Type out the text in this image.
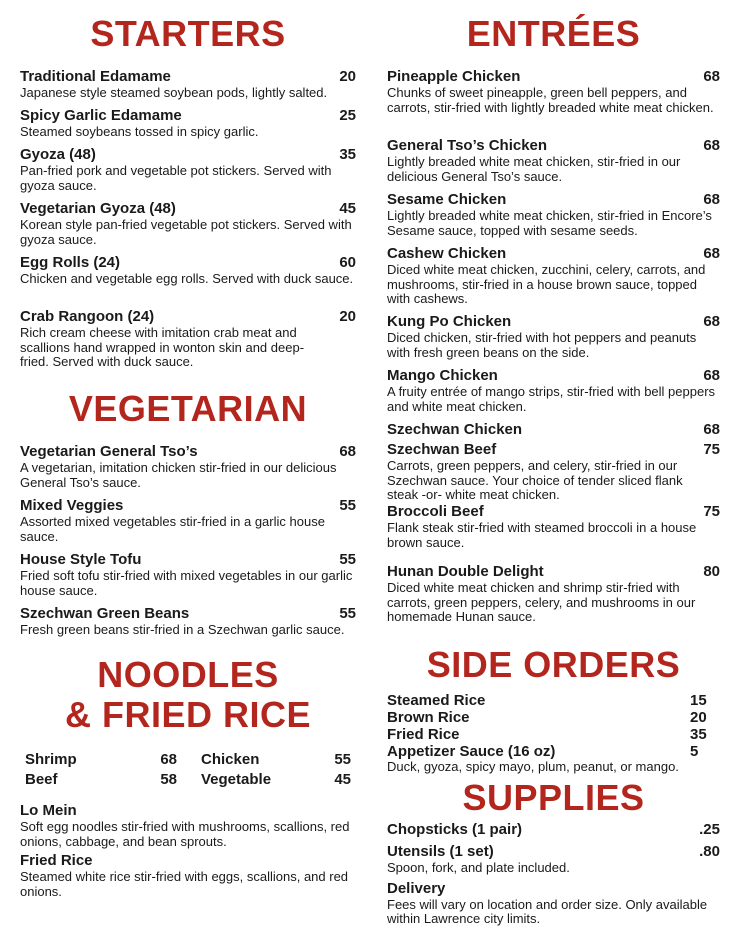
STARTERS
Traditional Edamame	20
Japanese style steamed soybean pods, lightly salted.
Spicy Garlic Edamame	25
Steamed soybeans tossed in spicy garlic.
Gyoza (48)	35
Pan-fried pork and vegetable pot stickers. Served with gyoza sauce.
Vegetarian Gyoza (48)	45
Korean style pan-fried vegetable pot stickers. Served with gyoza sauce.
Egg Rolls (24)	60
Chicken and vegetable egg rolls. Served with duck sauce.
Crab Rangoon (24)	20
Rich cream cheese with imitation crab meat and scallions hand wrapped in wonton skin and deep-fried. Served with duck sauce.
VEGETARIAN
Vegetarian General Tso’s	68
A vegetarian, imitation chicken stir-fried in our delicious General Tso’s sauce.
Mixed Veggies	55
Assorted mixed vegetables stir-fried in a garlic house sauce.
House Style Tofu	55
Fried soft tofu stir-fried with mixed vegetables in our garlic house sauce.
Szechwan Green Beans	55
Fresh green beans stir-fried in a Szechwan garlic sauce.
NOODLES
& FRIED RICE
Shrimp	68	Chicken	55
Beef	58	Vegetable	45
Lo Mein
Soft egg noodles stir-fried with mushrooms, scallions, red onions, cabbage, and bean sprouts.
Fried Rice
Steamed white rice stir-fried with eggs, scallions, and red onions.
ENTRÉES
Pineapple Chicken	68
Chunks of sweet pineapple, green bell peppers, and carrots, stir-fried with lightly breaded white meat chicken.
General Tso’s Chicken	68
Lightly breaded white meat chicken, stir-fried in our delicious General Tso’s sauce.
Sesame Chicken	68
Lightly breaded white meat chicken, stir-fried in Encore’s Sesame sauce, topped with sesame seeds.
Cashew Chicken	68
Diced white meat chicken, zucchini, celery, carrots, and mushrooms, stir-fried in a house brown sauce, topped with cashews.
Kung Po Chicken	68
Diced chicken, stir-fried with hot peppers and peanuts with fresh green beans on the side.
Mango Chicken	68
A fruity entrée of mango strips, stir-fried with bell peppers and white meat chicken.
Szechwan Chicken	68
Szechwan Beef	75
Carrots, green peppers, and celery, stir-fried in our Szechwan sauce. Your choice of tender sliced flank steak -or- white meat chicken.
Broccoli Beef	75
Flank steak stir-fried with steamed broccoli in a house brown sauce.
Hunan Double Delight	80
Diced white meat chicken and shrimp stir-fried with carrots, green peppers, celery, and mushrooms in our homemade Hunan sauce.
SIDE ORDERS
Steamed Rice	15
Brown Rice	20
Fried Rice	35
Appetizer Sauce (16 oz)	5
Duck, gyoza, spicy mayo, plum, peanut, or mango.
SUPPLIES
Chopsticks (1 pair)	.25
Utensils (1 set)	.80
Spoon, fork, and plate included.
Delivery
Fees will vary on location and order size. Only available within Lawrence city limits.
